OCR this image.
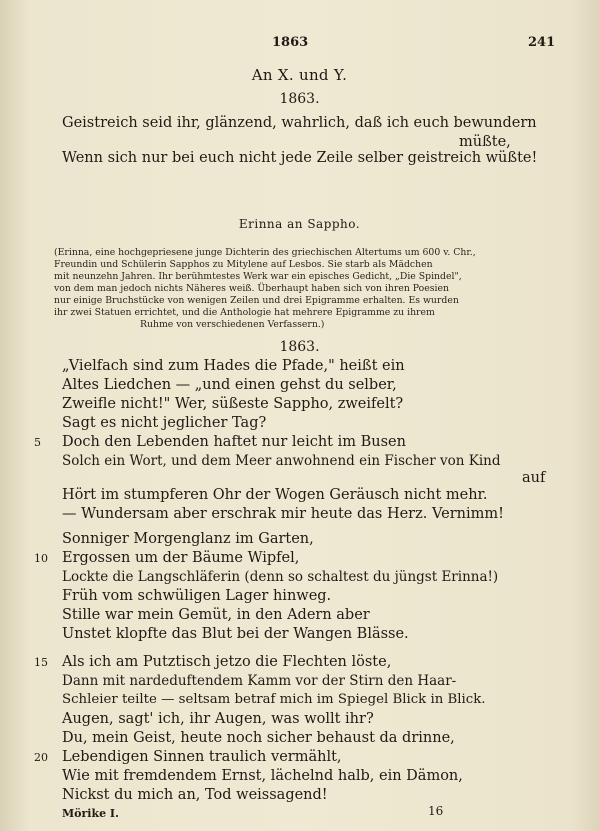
1863	241
An X. und Y.
1863.
Geistreich seid ihr, glänzend, wahrlich, daß ich euch bewundern
müßte,
Wenn sich nur bei euch nicht jede Zeile selber geistreich wüßte!
Erinna an Sappho.
(Erinna, eine hochgepriesene junge Dichterin des griechischen Altertums um 600 v. Chr.,
Freundin und Schülerin Sapphos zu Mitylene auf Lesbos. Sie starb als Mädchen
mit neunzehn Jahren. Ihr berühmtestes Werk war ein episches Gedicht, „Die Spindel",
von dem man jedoch nichts Näheres weiß. Überhaupt haben sich von ihren Poesien
nur einige Bruchstücke von wenigen Zeilen und drei Epigramme erhalten. Es wurden
ihr zwei Statuen errichtet, und die Anthologie hat mehrere Epigramme zu ihrem
Ruhme von verschiedenen Verfassern.)
1863.
„Vielfach sind zum Hades die Pfade," heißt ein
Altes Liedchen — „und einen gehst du selber,
Zweifle nicht!" Wer, süßeste Sappho, zweifelt?
Sagt es nicht jeglicher Tag?
5 Doch den Lebenden haftet nur leicht im Busen
Solch ein Wort, und dem Meer anwohnend ein Fischer von Kind
auf
Hört im stumpferen Ohr der Wogen Geräusch nicht mehr.
— Wundersam aber erschrak mir heute das Herz. Vernimm!
Sonniger Morgenglanz im Garten,
10 Ergossen um der Bäume Wipfel,
Lockte die Langschläferin (denn so schaltest du jüngst Erinna!)
Früh vom schwüligen Lager hinweg.
Stille war mein Gemüt, in den Adern aber
Unstet klopfte das Blut bei der Wangen Blässe.
15 Als ich am Putztisch jetzo die Flechten löste,
Dann mit nardeduftendem Kamm vor der Stirn den Haar-
Schleier teilte — seltsam betraf mich im Spiegel Blick in Blick.
Augen, sagt' ich, ihr Augen, was wollt ihr?
Du, mein Geist, heute noch sicher behaust da drinne,
20 Lebendigen Sinnen traulich vermählt,
Wie mit fremdendem Ernst, lächelnd halb, ein Dämon,
Nickst du mich an, Tod weissagend!
Mörike I.	16
